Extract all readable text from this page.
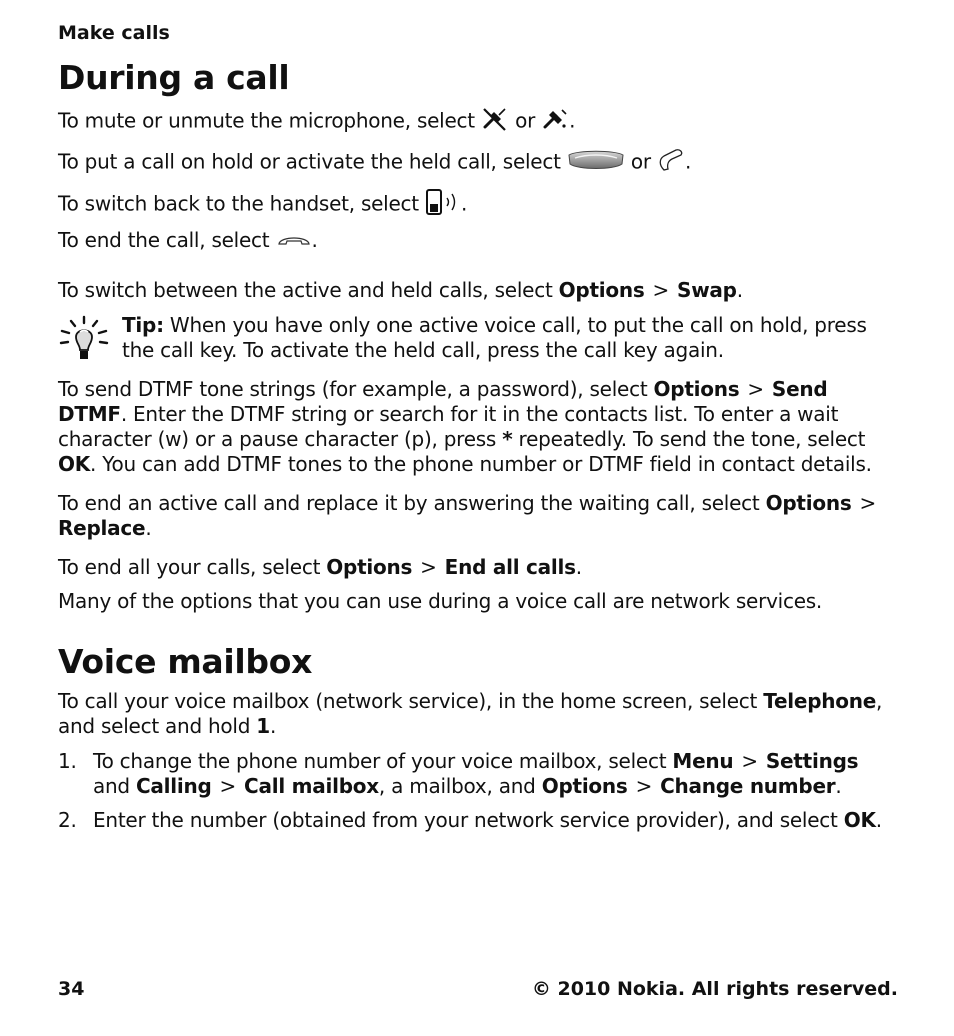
Make calls
During a call

To mute or unmute the microphone, select  or .

To put a call on hold or activate the held call, select	or .

To switch back to the handset, select .

To end the call, select .

To switch between the active and held calls, select Options > Swap.

Tip: When you have only one active voice call, to put the call on hold, press the call key. To activate the held call, press the call key again.

To send DTMF tone strings (for example, a password), select Options > Send DTMF. Enter the DTMF string or search for it in the contacts list. To enter a wait character (w) or a pause character (p), press * repeatedly. To send the tone, select OK. You can add DTMF tones to the phone number or DTMF field in contact details.

To end an active call and replace it by answering the waiting call, select Options >Replace.

To end all your calls, select Options > End all calls.

Many of the options that you can use during a voice call are network services.

Voice mailbox

To call your voice mailbox (network service), in the home screen, select Telephone, and select and hold 1.

1. To change the phone number of your voice mailbox, select Menu > Settings and Calling > Call mailbox, a mailbox, and Options > Change number.
2. Enter the number (obtained from your network service provider), and select OK.
34	© 2010 Nokia. All rights reserved.
